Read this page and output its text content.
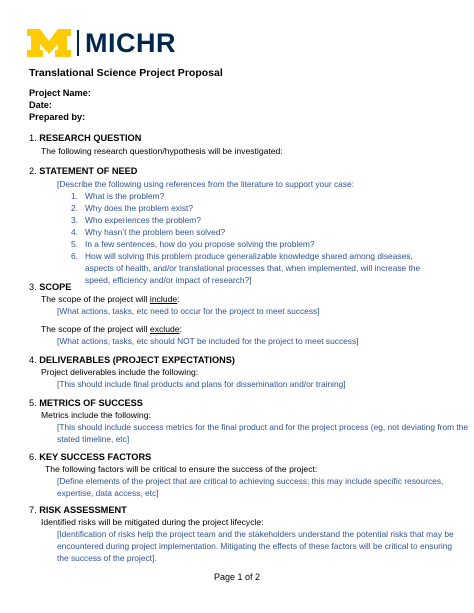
MICHR
Translational Science Project Proposal
Project Name:
Date:
Prepared by:
1. RESEARCH QUESTION
The following research question/hypothesis will be investigated:
2. STATEMENT OF NEED
[Describe the following using references from the literature to support your case:
1. What is the problem?
2. Why does the problem exist?
3. Who experiences the problem?
4. Why hasn’t the problem been solved?
5. In a few sentences, how do you propose solving the problem?
6. How will solving this problem produce generalizable knowledge shared among diseases, aspects of health, and/or translational processes that, when implemented, will increase the speed, efficiency and/or impact of research?]
3. SCOPE
The scope of the project will include:
[What actions, tasks, etc need to occur for the project to meet success]
The scope of the project will exclude:
[What actions, tasks, etc should NOT be included for the project to meet success]
4. DELIVERABLES (PROJECT EXPECTATIONS)
Project deliverables include the following:
[This should include final products and plans for dissemination and/or training]
5. METRICS OF SUCCESS
Metrics include the following:

[This should include success metrics for the final product and for the project process (eg, not deviating from the

stated timeline, etc]

6. KEY SUCCESS FACTORS
The following factors will be critical to ensure the success of the project:

[Define elements of the project that are critical to achieving success; this may include specific resources,

expertise, data access, etc]

7. RISK ASSESSMENT
Identified risks will be mitigated during the project lifecycle:

[Identification of risks help the project team and the stakeholders understand the potential risks that may be

encountered during project implementation. Mitigating the effects of these factors will be critical to ensuring

the success of the project].

Page 1 of 2
